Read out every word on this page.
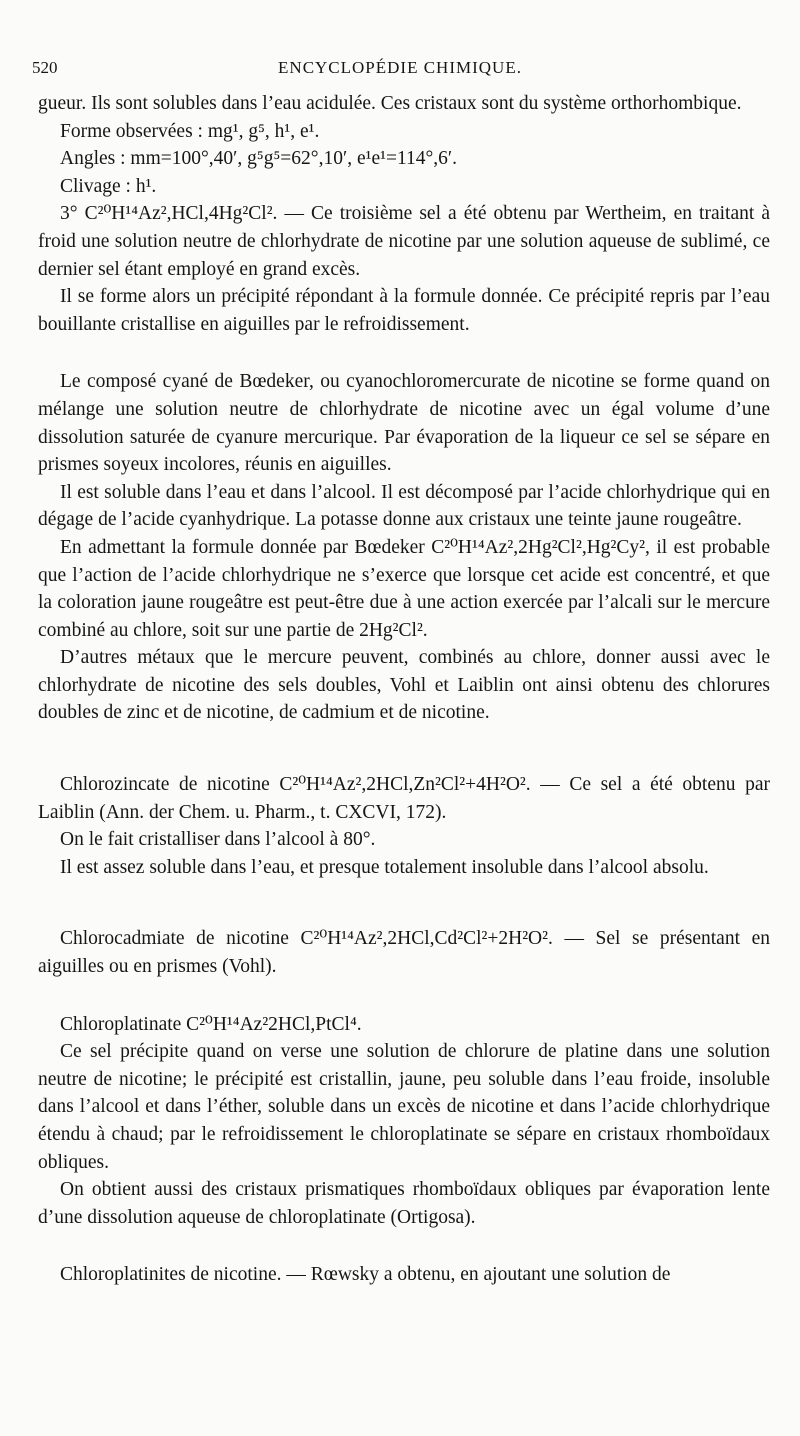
520	ENCYCLOPÉDIE CHIMIQUE.

gueur. Ils sont solubles dans l’eau acidulée. Ces cristaux sont du système orthorhombique.

Forme observées : mg¹, g⁵, h¹, e¹.

Angles : mm=100°,40′, g⁵g⁵=62°,10′, e¹e¹=114°,6′.

Clivage : h¹.

3° C²⁰H¹⁴Az²,HCl,4Hg²Cl². — Ce troisième sel a été obtenu par Wertheim, en traitant à froid une solution neutre de chlorhydrate de nicotine par une solution aqueuse de sublimé, ce dernier sel étant employé en grand excès.

Il se forme alors un précipité répondant à la formule donnée. Ce précipité repris par l’eau bouillante cristallise en aiguilles par le refroidissement.

Le composé cyané de Bœdeker, ou cyanochloromercurate de nicotine se forme quand on mélange une solution neutre de chlorhydrate de nicotine avec un égal volume d’une dissolution saturée de cyanure mercurique. Par évaporation de la liqueur ce sel se sépare en prismes soyeux incolores, réunis en aiguilles.

Il est soluble dans l’eau et dans l’alcool. Il est décomposé par l’acide chlorhydrique qui en dégage de l’acide cyanhydrique. La potasse donne aux cristaux une teinte jaune rougeâtre.

En admettant la formule donnée par Bœdeker C²⁰H¹⁴Az²,2Hg²Cl²,Hg²Cy², il est probable que l’action de l’acide chlorhydrique ne s’exerce que lorsque cet acide est concentré, et que la coloration jaune rougeâtre est peut-être due à une action exercée par l’alcali sur le mercure combiné au chlore, soit sur une partie de 2Hg²Cl².

D’autres métaux que le mercure peuvent, combinés au chlore, donner aussi avec le chlorhydrate de nicotine des sels doubles, Vohl et Laiblin ont ainsi obtenu des chlorures doubles de zinc et de nicotine, de cadmium et de nicotine.

Chlorozincate de nicotine C²⁰H¹⁴Az²,2HCl,Zn²Cl²+4H²O². — Ce sel a été obtenu par Laiblin (Ann. der Chem. u. Pharm., t. CXCVI, 172).

On le fait cristalliser dans l’alcool à 80°.

Il est assez soluble dans l’eau, et presque totalement insoluble dans l’alcool absolu.

Chlorocadmiate de nicotine C²⁰H¹⁴Az²,2HCl,Cd²Cl²+2H²O². — Sel se présentant en aiguilles ou en prismes (Vohl).

Chloroplatinate C²⁰H¹⁴Az²2HCl,PtCl⁴.

Ce sel précipite quand on verse une solution de chlorure de platine dans une solution neutre de nicotine; le précipité est cristallin, jaune, peu soluble dans l’eau froide, insoluble dans l’alcool et dans l’éther, soluble dans un excès de nicotine et dans l’acide chlorhydrique étendu à chaud; par le refroidissement le chloroplatinate se sépare en cristaux rhomboïdaux obliques.

On obtient aussi des cristaux prismatiques rhomboïdaux obliques par évaporation lente d’une dissolution aqueuse de chloroplatinate (Ortigosa).

Chloroplatinites de nicotine. — Rœwsky a obtenu, en ajoutant une solution de
